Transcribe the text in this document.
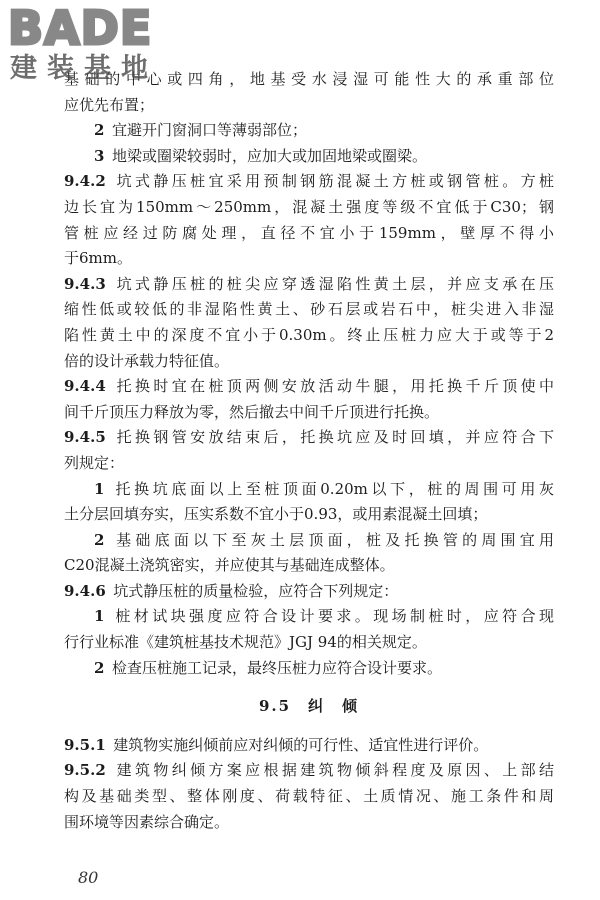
BADE
建装基地
基础的中心或四角，地基受水浸湿可能性大的承重部位
应优先布置；
2  宜避开门窗洞口等薄弱部位；
3  地梁或圈梁较弱时，应加大或加固地梁或圈梁。
9.4.2  坑式静压桩宜采用预制钢筋混凝土方桩或钢管桩。方桩
边长宜为150mm～250mm，混凝土强度等级不宜低于C30；钢
管桩应经过防腐处理，直径不宜小于159mm，壁厚不得小
于6mm。
9.4.3  坑式静压桩的桩尖应穿透湿陷性黄土层，并应支承在压
缩性低或较低的非湿陷性黄土、砂石层或岩石中，桩尖进入非湿
陷性黄土中的深度不宜小于0.30m。终止压桩力应大于或等于2
倍的设计承载力特征值。
9.4.4  托换时宜在桩顶两侧安放活动牛腿，用托换千斤顶使中
间千斤顶压力释放为零，然后撤去中间千斤顶进行托换。
9.4.5  托换钢管安放结束后，托换坑应及时回填，并应符合下
列规定：
1  托换坑底面以上至桩顶面0.20m以下，桩的周围可用灰
土分层回填夯实，压实系数不宜小于0.93，或用素混凝土回填；
2  基础底面以下至灰土层顶面，桩及托换管的周围宜用
C20混凝土浇筑密实，并应使其与基础连成整体。
9.4.6  坑式静压桩的质量检验，应符合下列规定：
1  桩材试块强度应符合设计要求。现场制桩时，应符合现
行行业标准《建筑桩基技术规范》JGJ 94的相关规定。
2  检查压桩施工记录，最终压桩力应符合设计要求。
9.5  纠　倾
9.5.1  建筑物实施纠倾前应对纠倾的可行性、适宜性进行评价。
9.5.2  建筑物纠倾方案应根据建筑物倾斜程度及原因、上部结
构及基础类型、整体刚度、荷载特征、土质情况、施工条件和周
围环境等因素综合确定。
80
